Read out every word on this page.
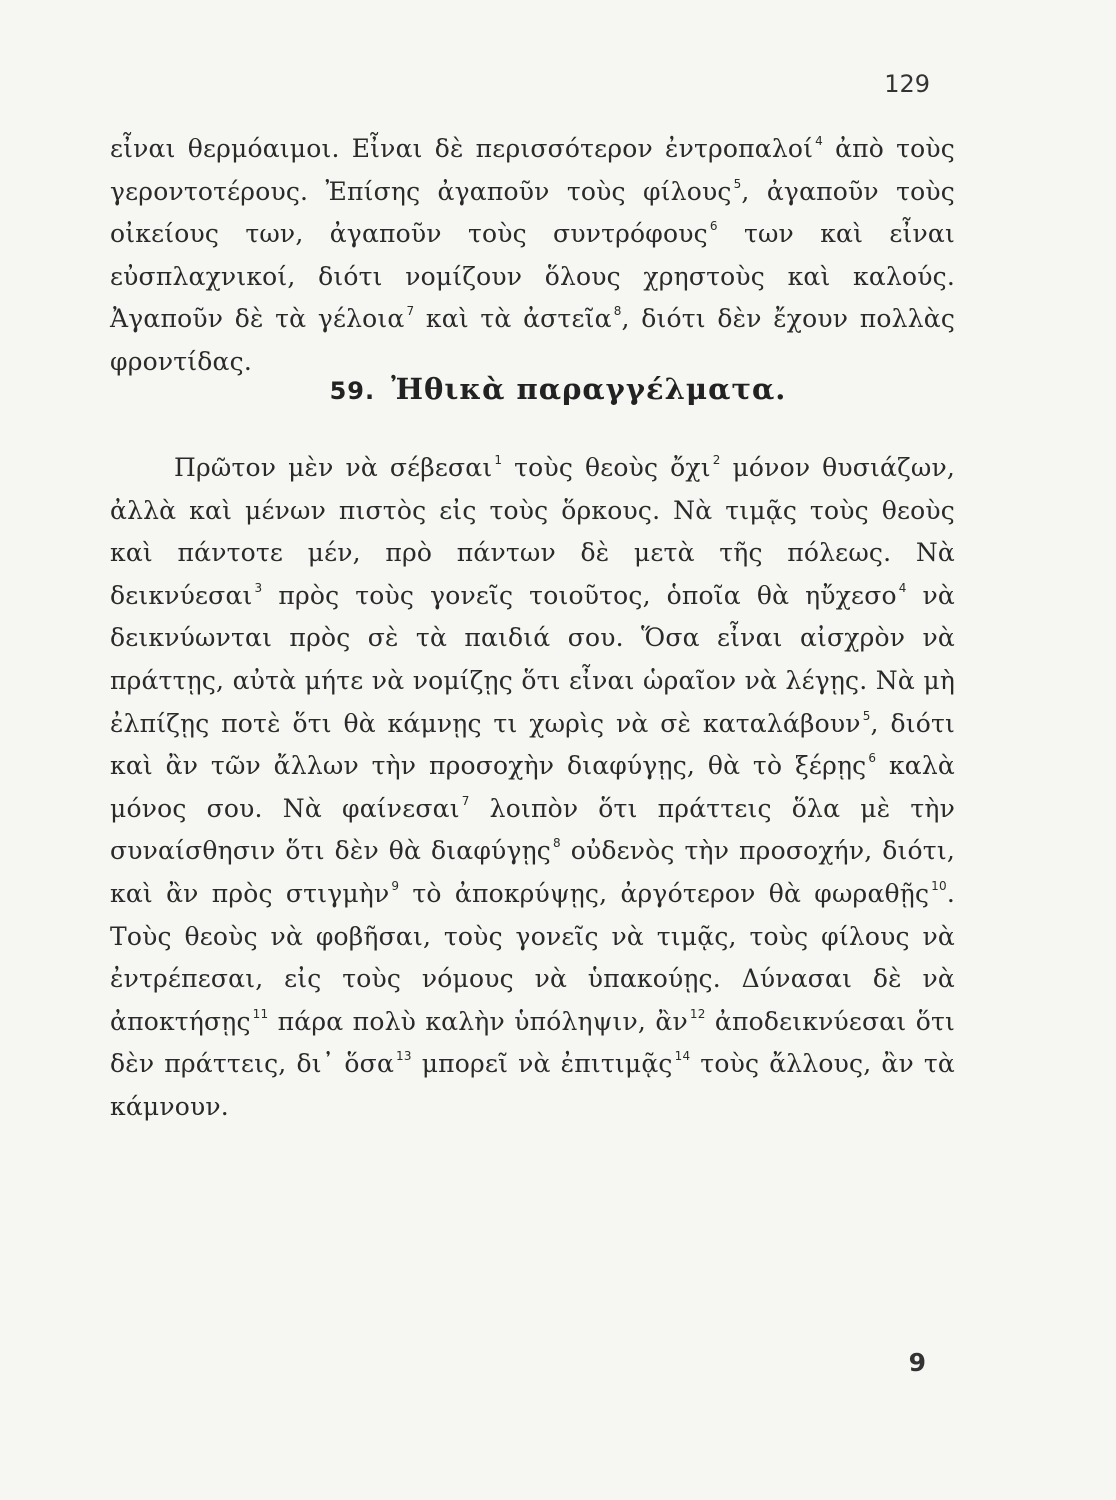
129

εἶναι θερμόαιμοι. Εἶναι δὲ περισσότερον ἐντροπαλοί $^4$ ἀπὸ τοὺς γεροντοτέρους. Ἐπίσης ἀγαποῦν τοὺς φίλους $^5$, ἀγαποῦν τοὺς οἰκείους των, ἀγαποῦν τοὺς συντρόφους $^6$ των καὶ εἶναι εὐσπλαχνικοί, διότι νομίζουν ὅλους χρηστοὺς καὶ καλούς. Ἀγαποῦν δὲ τὰ γέλοια $^7$ καὶ τὰ ἀστεῖα $^8$, διότι δὲν ἔχουν πολλὰς φροντίδας.

59. Ἠθικὰ παραγγέλματα.

Πρῶτον μὲν νὰ σέβεσαι $^1$ τοὺς θεοὺς ὄχι $^2$ μόνον θυσιάζων, ἀλλὰ καὶ μένων πιστὸς εἰς τοὺς ὅρκους. Νὰ τιμᾷς τοὺς θεοὺς καὶ πάντοτε μέν, πρὸ πάντων δὲ μετὰ τῆς πόλεως. Νὰ δεικνύεσαι $^3$ πρὸς τοὺς γονεῖς τοιοῦτος, ὁποῖα θὰ ηὔχεσο $^4$ νὰ δεικνύωνται πρὸς σὲ τὰ παιδιά σου. Ὅσα εἶναι αἰσχρὸν νὰ πράττῃς, αὐτὰ μήτε νὰ νομίζῃς ὅτι εἶναι ὡραῖον νὰ λέγῃς. Νὰ μὴ ἐλπίζῃς ποτὲ ὅτι θὰ κάμνῃς τι χωρὶς νὰ σὲ καταλάβουν $^5$, διότι καὶ ἂν τῶν ἄλλων τὴν προσοχὴν διαφύγῃς, θὰ τὸ ξέρῃς $^6$ καλὰ μόνος σου. Νὰ φαίνεσαι $^7$ λοιπὸν ὅτι πράττεις ὅλα μὲ τὴν συναίσθησιν ὅτι δὲν θὰ διαφύγῃς $^8$ οὐδενὸς τὴν προσοχήν, διότι, καὶ ἂν πρὸς στιγμὴν $^9$ τὸ ἀποκρύψῃς, ἀργότερον θὰ φωραθῇς $^{10}$. Τοὺς θεοὺς νὰ φοβῆσαι, τοὺς γονεῖς νὰ τιμᾷς, τοὺς φίλους νὰ ἐντρέπεσαι, εἰς τοὺς νόμους νὰ ὑπακούῃς. Δύνασαι δὲ νὰ ἀποκτήσῃς $^{11}$ πάρα πολὺ καλὴν ὑπόληψιν, ἂν $^{12}$ ἀποδεικνύεσαι ὅτι δὲν πράττεις, δι᾽ ὅσα $^{13}$ μπορεῖ νὰ ἐπιτιμᾷς $^{14}$ τοὺς ἄλλους, ἂν τὰ κάμνουν.

9
